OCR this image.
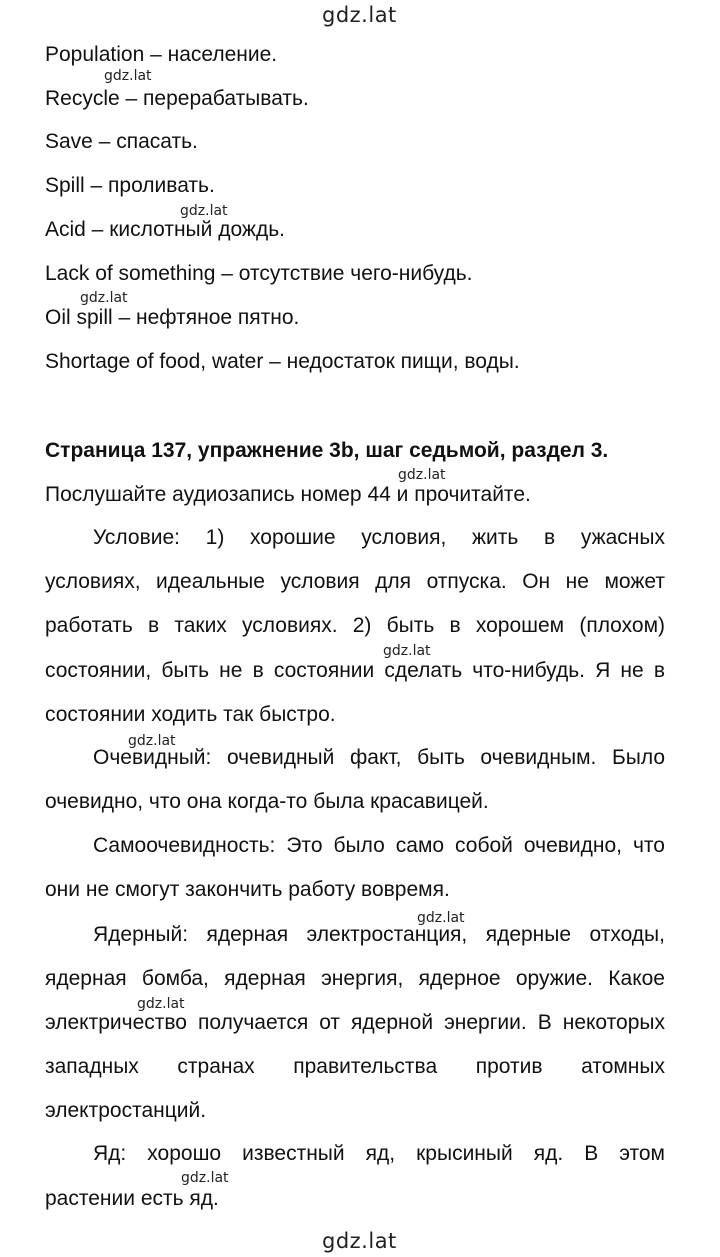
gdz.lat
gdz.lat
gdz.lat
gdz.lat
gdz.lat
gdz.lat
gdz.lat
gdz.lat
gdz.lat
gdz.lat
gdz.lat
Population – население.
Recycle – перерабатывать.
Save – спасать.
Spill – проливать.
Acid – кислотный дождь.
Lack of something – отсутствие чего-нибудь.
Oil spill – нефтяное пятно.
Shortage of food, water – недостаток пищи, воды.
Страница 137, упражнение 3b, шаг седьмой, раздел 3.
Послушайте аудиозапись номер 44 и прочитайте.
Условие: 1) хорошие условия, жить в ужасных
условиях, идеальные условия для отпуска. Он не может
работать в таких условиях. 2) быть в хорошем (плохом)
состоянии, быть не в состоянии сделать что-нибудь. Я не в
состоянии ходить так быстро.
Очевидный: очевидный факт, быть очевидным. Было
очевидно, что она когда-то была красавицей.
Самоочевидность: Это было само собой очевидно, что
они не смогут закончить работу вовремя.
Ядерный: ядерная электростанция, ядерные отходы,
ядерная бомба, ядерная энергия, ядерное оружие. Какое
электричество получается от ядерной энергии. В некоторых
западных странах правительства против атомных
электростанций.
Яд: хорошо известный яд, крысиный яд. В этом
растении есть яд.
